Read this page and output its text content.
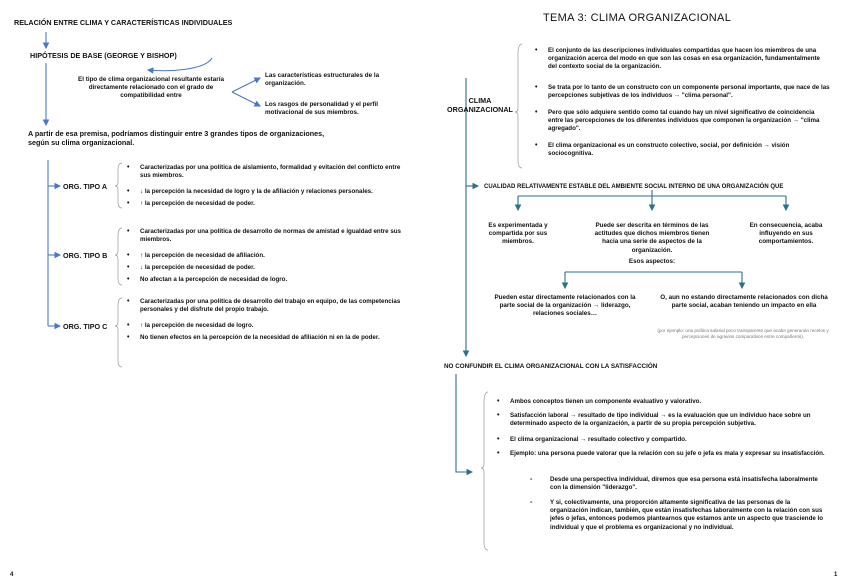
RELACIÓN ENTRE CLIMA Y CARACTERÍSTICAS INDIVIDUALES
HIPÓTESIS DE BASE (GEORGE Y BISHOP)
El tipo de clima organizacional resultante estaría directamente relacionado con el grado de compatibilidad entre
Las características estructurales de la organización.
Los rasgos de personalidad y el perfil motivacional de sus miembros.
A partir de esa premisa, podríamos distinguir entre 3 grandes tipos de organizaciones, según su clima organizacional.
ORG. TIPO A
• Caracterizadas por una política de aislamiento, formalidad y evitación del conflicto entre sus miembros.
• ↓ la percepción la necesidad de logro y la de afiliación y relaciones personales.
• ↑ la percepción de necesidad de poder.
ORG. TIPO B
• Caracterizadas por una política de desarrollo de normas de amistad e igualdad entre sus miembros.
• ↑ la percepción de necesidad de afiliación.
• ↓ la percepción de necesidad de poder.
• No afectan a la percepción de necesidad de logro.
ORG. TIPO C
• Caracterizadas por una política de desarrollo del trabajo en equipo, de las competencias personales y del disfrute del propio trabajo.
• ↑ la percepción de necesidad de logro.
• No tienen efectos en la percepción de la necesidad de afiliación ni en la de poder.
4
TEMA 3: CLIMA ORGANIZACIONAL
CLIMA ORGANIZACIONAL
• El conjunto de las descripciones individuales compartidas que hacen los miembros de una organización acerca del modo en que son las cosas en esa organización, fundamentalmente del contexto social de la organización.
• Se trata por lo tanto de un constructo con un componente personal importante, que nace de las percepciones subjetivas de los individuos → "clima personal".
• Pero que sólo adquiere sentido como tal cuando hay un nivel significativo de coincidencia entre las percepciones de los diferentes individuos que componen la organización → "clima agregado".
• El clima organizacional es un constructo colectivo, social, por definición → visión sociocognitiva.
CUALIDAD RELATIVAMENTE ESTABLE DEL AMBIENTE SOCIAL INTERNO DE UNA ORGANIZACIÓN QUE
Es experimentada y compartida por sus miembros.
Puede ser descrita en términos de las actitudes que dichos miembros tienen hacia una serie de aspectos de la organización.
En consecuencia, acaba influyendo en sus comportamientos.
Esos aspectos:
Pueden estar directamente relacionados con la parte social de la organización → liderazgo, relaciones sociales…
O, aun no estando directamente relacionados con dicha parte social, acaban teniendo un impacto en ella
(por ejemplo: una política salarial poco transparente que acabe generando recelos y percepciones de agravios comparativos entre compañeros).
NO CONFUNDIR EL CLIMA ORGANIZACIONAL CON LA SATISFACCIÓN
• Ambos conceptos tienen un componente evaluativo y valorativo.
• Satisfacción laboral → resultado de tipo individual → es la evaluación que un individuo hace sobre un determinado aspecto de la organización, a partir de su propia percepción subjetiva.
• El clima organizacional → resultado colectivo y compartido.
• Ejemplo: una persona puede valorar que la relación con su jefe o jefa es mala y expresar su insatisfacción.
- Desde una perspectiva individual, diremos que esa persona está insatisfecha laboralmente con la dimensión "liderazgo".
- Y si, colectivamente, una proporción altamente significativa de las personas de la organización indican, también, que están insatisfechas laboralmente con la relación con sus jefes o jefas, entonces podemos plantearnos que estamos ante un aspecto que trasciende lo individual y que el problema es organizacional y no individual.
1
